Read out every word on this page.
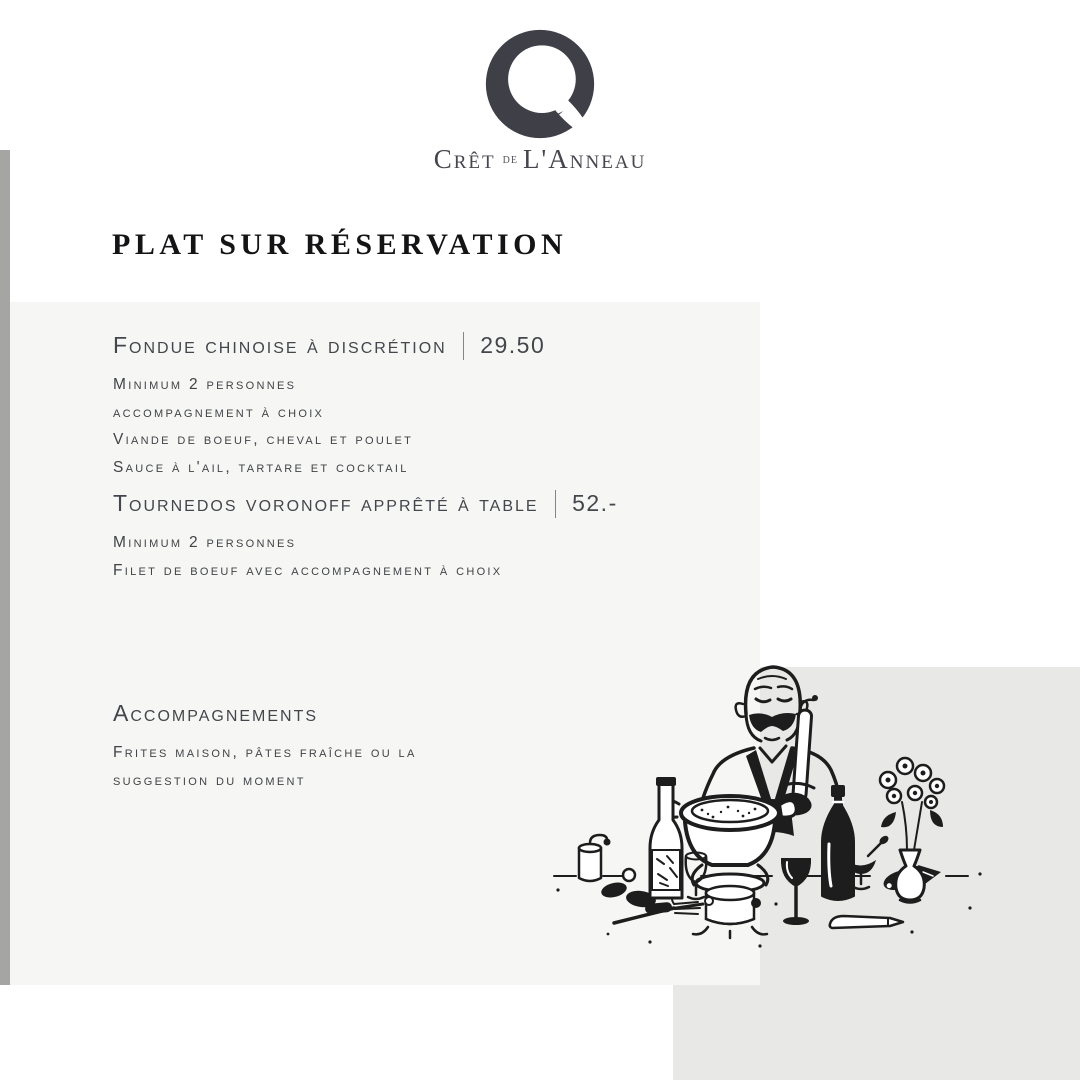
Crêt de L'Anneau
PLAT SUR RÉSERVATION
Fondue chinoise à discrétion 29.50

Minimum 2 personnes

accompagnement à choix

Viande de boeuf, cheval et poulet

Sauce à l'ail, tartare et cocktail

Tournedos voronoff apprêté à table 52.-

Minimum 2 personnes

Filet de boeuf avec accompagnement à choix

Accompagnements

Frites maison, pâtes fraîche ou la

suggestion du moment
